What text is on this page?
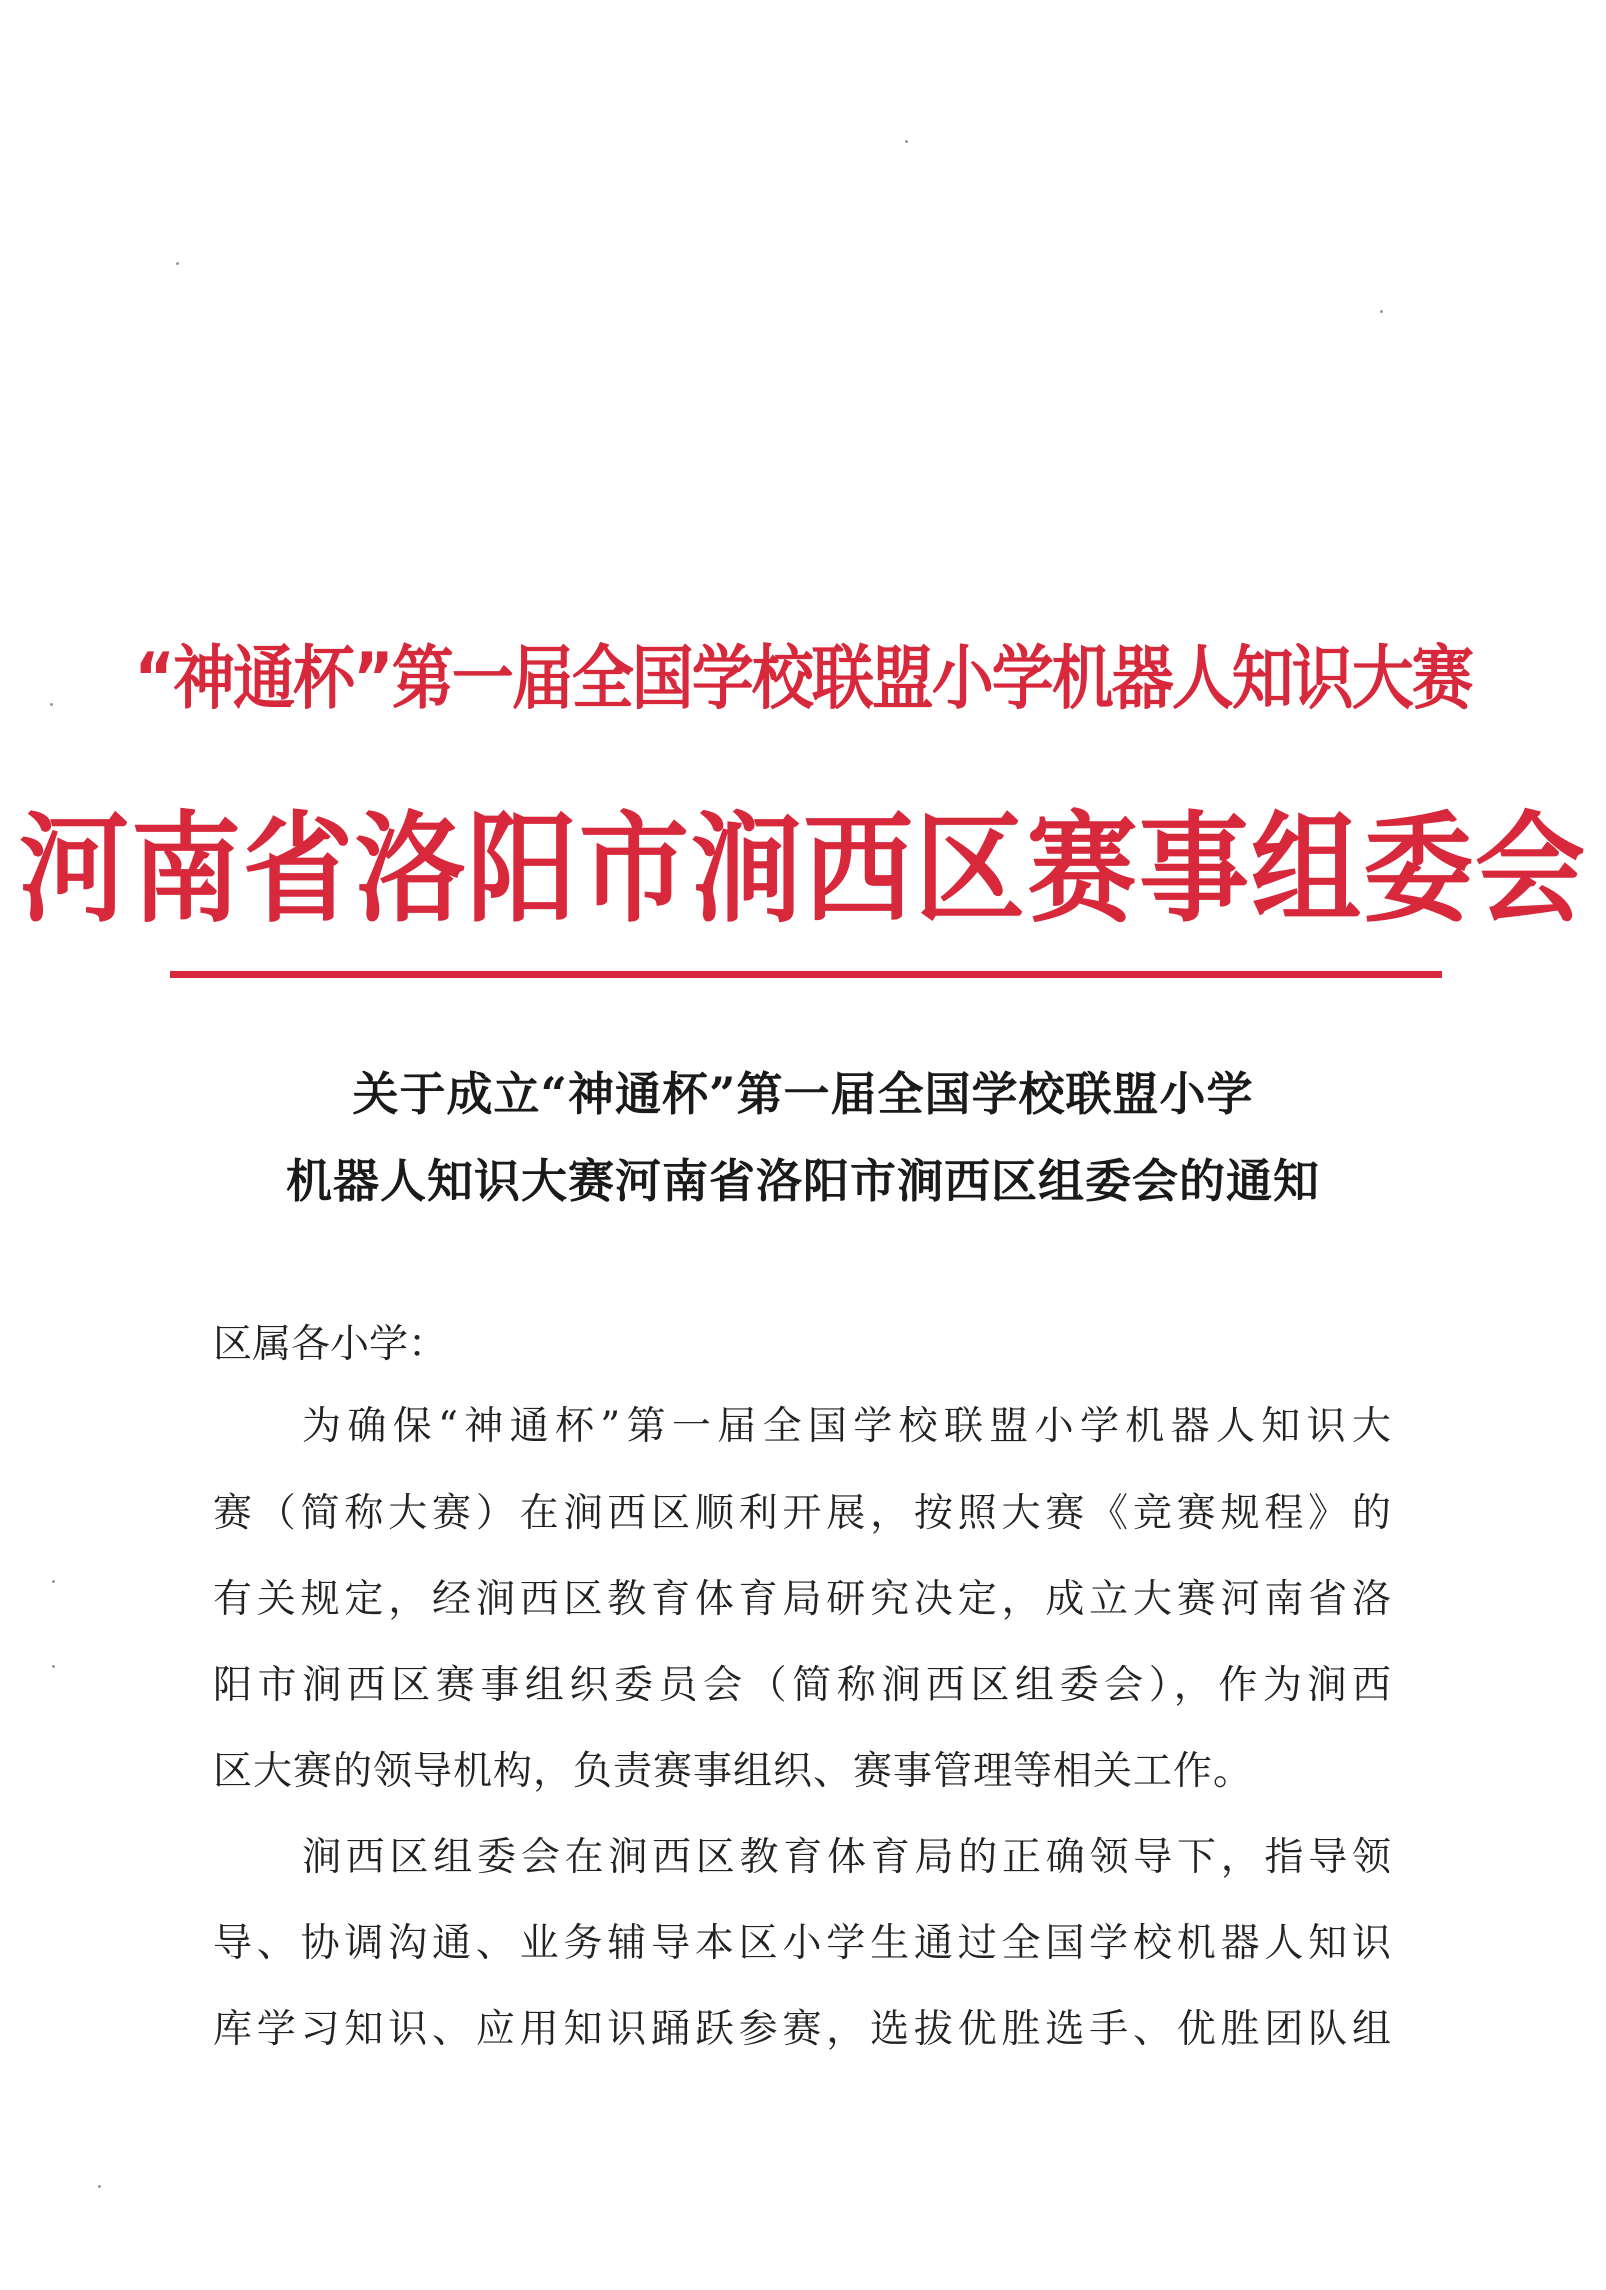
“神通杯”第一届全国学校联盟小学机器人知识大赛
河南省洛阳市涧西区赛事组委会
关于成立“神通杯”第一届全国学校联盟小学
机器人知识大赛河南省洛阳市涧西区组委会的通知
区属各小学：
为确保“神通杯”第一届全国学校联盟小学机器人知识大
赛（简称大赛）在涧西区顺利开展，按照大赛《竞赛规程》的
有关规定，经涧西区教育体育局研究决定，成立大赛河南省洛
阳市涧西区赛事组织委员会（简称涧西区组委会），作为涧西
区大赛的领导机构，负责赛事组织、赛事管理等相关工作。
涧西区组委会在涧西区教育体育局的正确领导下，指导领
导、协调沟通、业务辅导本区小学生通过全国学校机器人知识
库学习知识、应用知识踊跃参赛，选拔优胜选手、优胜团队组
